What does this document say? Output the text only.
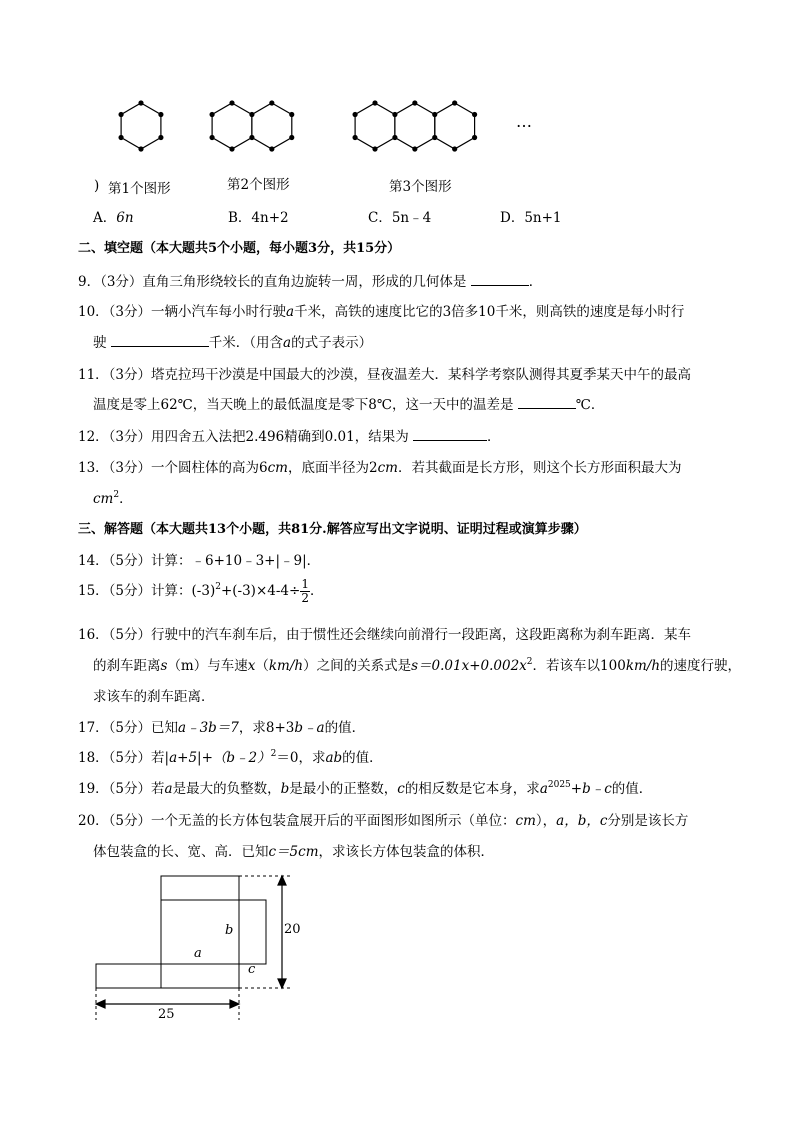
…
) 第1个图形	第2个图形	第3个图形
A．6n	B．4n+2	C．5n﹣4	D．5n+1
二、填空题（本大题共5个小题，每小题3分，共15分）
9．（3分）直角三角形绕较长的直角边旋转一周，形成的几何体是	．
10．（3分）一辆小汽车每小时行驶a千米，高铁的速度比它的3倍多10千米，则高铁的速度是每小时行
驶	千米．（用含a的式子表示）
11．（3分）塔克拉玛干沙漠是中国最大的沙漠，昼夜温差大．某科学考察队测得其夏季某天中午的最高
温度是零上62℃，当天晚上的最低温度是零下8℃，这一天中的温差是	℃．
12．（3分）用四舍五入法把2.496精确到0.01，结果为	．
13．（3分）一个圆柱体的高为6cm，底面半径为2cm．若其截面是长方形，则这个长方形面积最大为
$cm^2$．
三、解答题（本大题共13个小题，共81分.解答应写出文字说明、证明过程或演算步骤）
14．（5分）计算：﹣6+10﹣3+|﹣9|．
15．（5分）计算：$(-3)^2+(-3)\times 4-4\div \frac{1}{2}$ ．
16．（5分）行驶中的汽车刹车后，由于惯性还会继续向前滑行一段距离，这段距离称为刹车距离．某车
的刹车距离s（m）与车速x（km/h）之间的关系式是$s=0.01x+0.002x^2$．若该车以100km/h的速度行驶，
求该车的刹车距离．
17．（5分）已知a﹣3b＝7，求8+3b﹣a的值．
18．（5分）若|a+5|+（b﹣2）$^2$＝0，求ab的值．
19．（5分）若a是最大的负整数，b是最小的正整数，c的相反数是它本身，求$a^{2025}+b﹣c$的值．
20．（5分）一个无盖的长方体包装盒展开后的平面图形如图所示（单位：cm），a，b，c分别是该长方
体包装盒的长、宽、高．已知c＝5cm，求该长方体包装盒的体积．
a
b
c
20
25
